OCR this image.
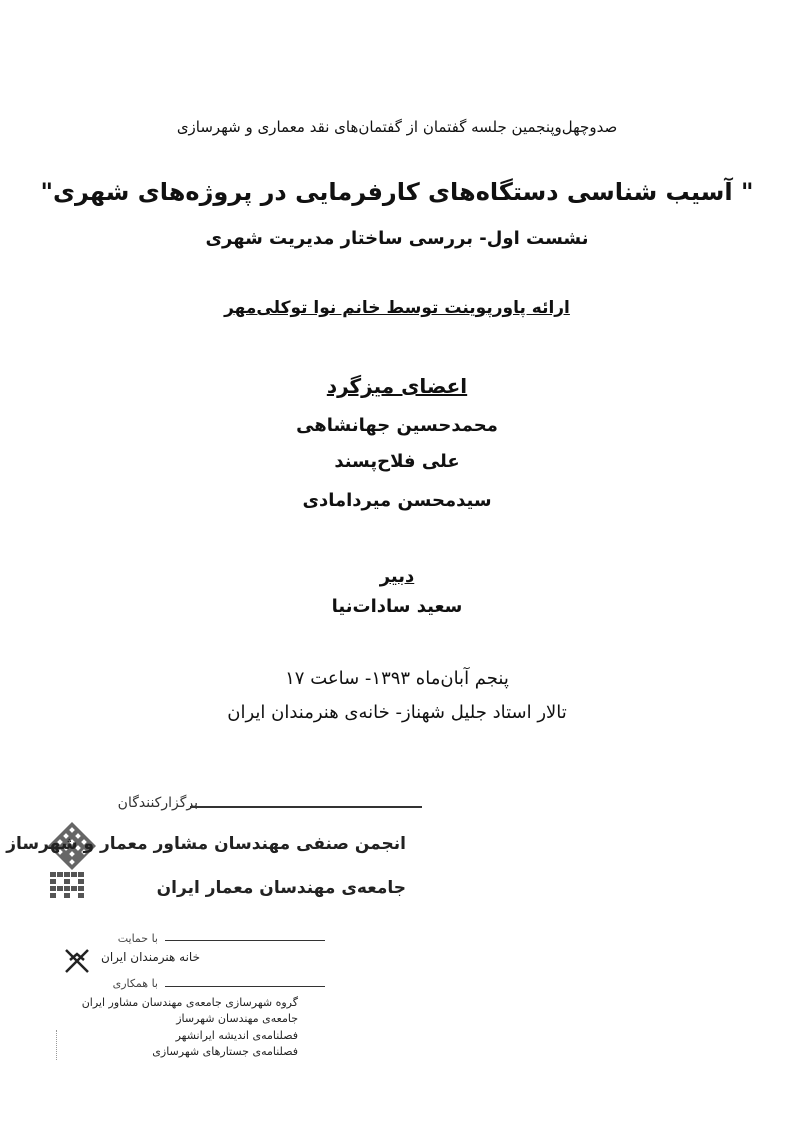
صدوچهل‌وپنجمین جلسه گفتمان از گفتمان‌های نقد معماری و شهرسازی
" آسیب شناسی دستگاه‌های کارفرمایی در پروژه‌های شهری"
نشست اول- بررسی ساختار مدیریت شهری
ارائه پاورپوینت توسط خانم نوا توکلی‌مهر
اعضای میزگرد
محمدحسین جهانشاهی
علی فلاح‌پسند
سیدمحسن میردامادی
دبیر
سعید سادات‌نیا
پنجم آبان‌ماه ۱۳۹۳- ساعت ۱۷
تالار استاد جلیل شهناز- خانه‌ی هنرمندان ایران
برگزارکنندگان
انجمن صنفی مهندسان مشاور معمار و شهرساز
جامعه‌ی مهندسان معمار ایران
با حمایت
خانه هنرمندان ایران
با همکاری
گروه شهرسازی جامعه‌ی مهندسان مشاور ایران
جامعه‌ی مهندسان شهرساز
فصلنامه‌ی اندیشه ایرانشهر
فصلنامه‌ی جستارهای شهرسازی
